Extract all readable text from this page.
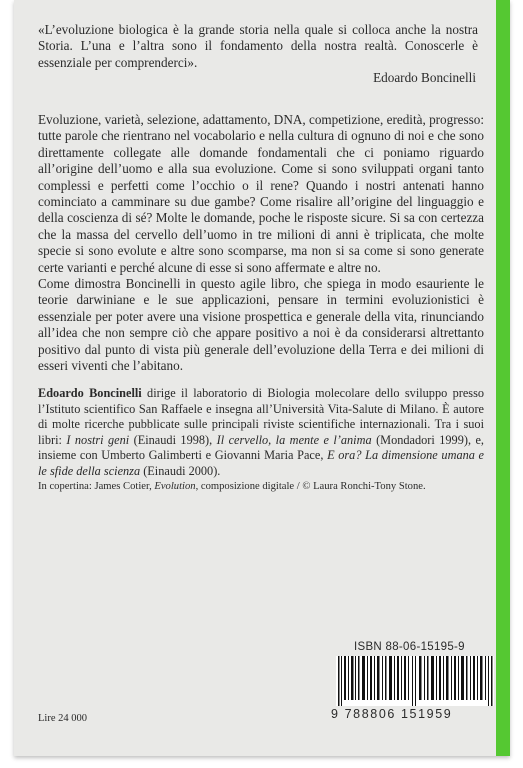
«L’evoluzione biologica è la grande storia nella quale si colloca anche la nostra Storia. L’una e l’altra sono il fondamento della nostra realtà. Conoscerle è essenziale per comprenderci».
Edoardo Boncinelli

Evoluzione, varietà, selezione, adattamento, DNA, competizione, eredità, progresso: tutte parole che rientrano nel vocabolario e nella cultura di ognuno di noi e che sono direttamente collegate alle domande fondamentali che ci poniamo riguardo all’origine dell’uomo e alla sua evoluzione. Come si sono sviluppati organi tanto complessi e perfetti come l’occhio o il rene? Quando i nostri antenati hanno cominciato a camminare su due gambe? Come risalire all’origine del linguaggio e della coscienza di sé? Molte le domande, poche le risposte sicure. Si sa con certezza che la massa del cervello dell’uomo in tre milioni di anni è triplicata, che molte specie si sono evolute e altre sono scomparse, ma non si sa come si sono generate certe varianti e perché alcune di esse si sono affermate e altre no.

Come dimostra Boncinelli in questo agile libro, che spiega in modo esauriente le teorie darwiniane e le sue applicazioni, pensare in termini evoluzionistici è essenziale per poter avere una visione prospettica e generale della vita, rinunciando all’idea che non sempre ciò che appare positivo a noi è da considerarsi altrettanto positivo dal punto di vista più generale dell’evoluzione della Terra e dei milioni di esseri viventi che l’abitano.

Edoardo Boncinelli dirige il laboratorio di Biologia molecolare dello sviluppo presso l’Istituto scientifico San Raffaele e insegna all’Università Vita-Salute di Milano. È autore di molte ricerche pubblicate sulle principali riviste scientifiche internazionali. Tra i suoi libri: I nostri geni (Einaudi 1998), Il cervello, la mente e l’anima (Mondadori 1999), e, insieme con Umberto Galimberti e Giovanni Maria Pace, E ora? La dimensione umana e le sfide della scienza (Einaudi 2000).

In copertina: James Cotier, Evolution, composizione digitale / © Laura Ronchi-Tony Stone.
ISBN 88-06-15195-9
9 788806 151959
Lire 24 000
